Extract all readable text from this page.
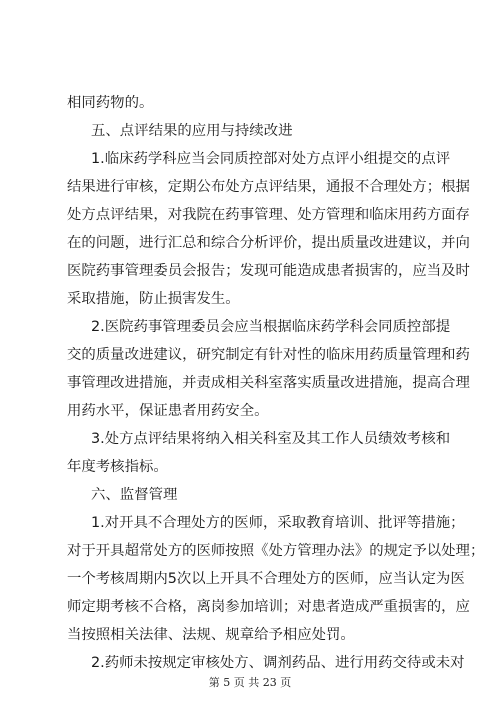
相同药物的。
五、点评结果的应用与持续改进
1.临床药学科应当会同质控部对处方点评小组提交的点评
结果进行审核，定期公布处方点评结果，通报不合理处方；根据
处方点评结果，对我院在药事管理、处方管理和临床用药方面存
在的问题，进行汇总和综合分析评价，提出质量改进建议，并向
医院药事管理委员会报告；发现可能造成患者损害的，应当及时
采取措施，防止损害发生。
2.医院药事管理委员会应当根据临床药学科会同质控部提
交的质量改进建议，研究制定有针对性的临床用药质量管理和药
事管理改进措施，并责成相关科室落实质量改进措施，提高合理
用药水平，保证患者用药安全。
3.处方点评结果将纳入相关科室及其工作人员绩效考核和
年度考核指标。
六、监督管理
1.对开具不合理处方的医师，采取教育培训、批评等措施；
对于开具超常处方的医师按照《处方管理办法》的规定予以处理；
一个考核周期内5次以上开具不合理处方的医师，应当认定为医
师定期考核不合格，离岗参加培训；对患者造成严重损害的，应
当按照相关法律、法规、规章给予相应处罚。
2.药师未按规定审核处方、调剂药品、进行用药交待或未对
第 5 页 共 23 页
